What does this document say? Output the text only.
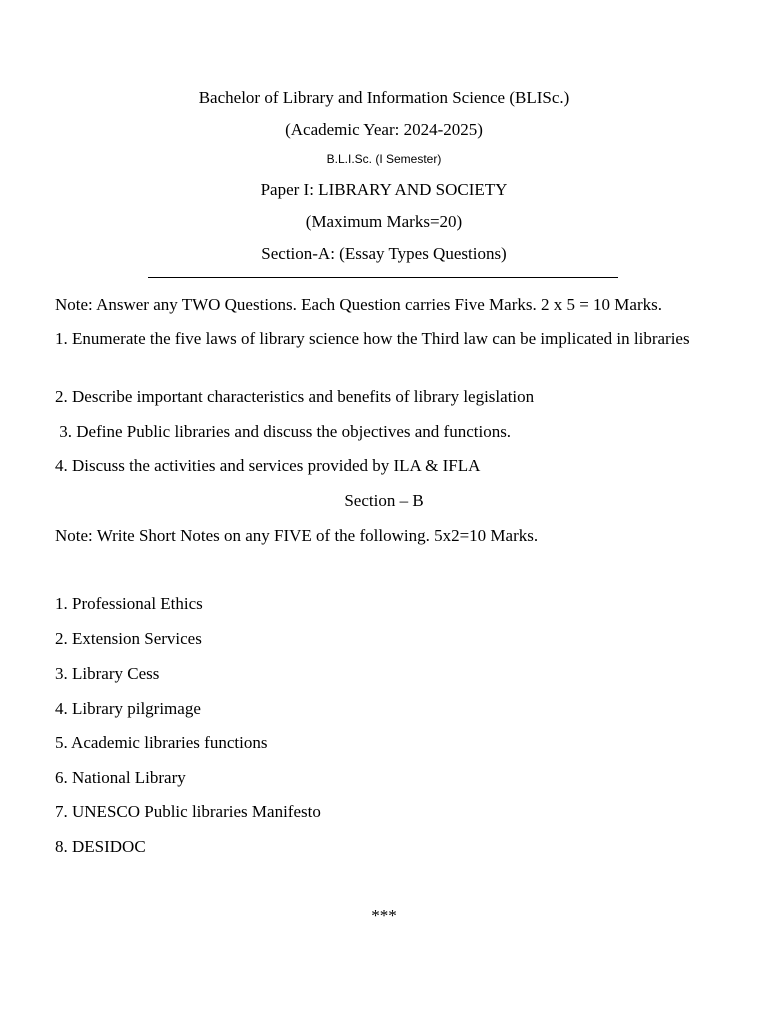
Bachelor of Library and Information Science (BLISc.)
(Academic Year: 2024-2025)
B.L.I.Sc. (I Semester)
Paper I: LIBRARY AND SOCIETY
(Maximum Marks=20)
Section-A: (Essay Types Questions)
Note: Answer any TWO Questions. Each Question carries Five Marks. 2 x 5 = 10 Marks.
1. Enumerate the five laws of library science how the Third law can be implicated in libraries
2. Describe important characteristics and benefits of library legislation
3. Define Public libraries and discuss the objectives and functions.
4. Discuss the activities and services provided by ILA & IFLA
Section – B
Note: Write Short Notes on any FIVE of the following. 5x2=10 Marks.
1. Professional Ethics
2. Extension Services
3. Library Cess
4. Library pilgrimage
5. Academic libraries functions
6. National Library
7. UNESCO Public libraries Manifesto
8. DESIDOC
***
